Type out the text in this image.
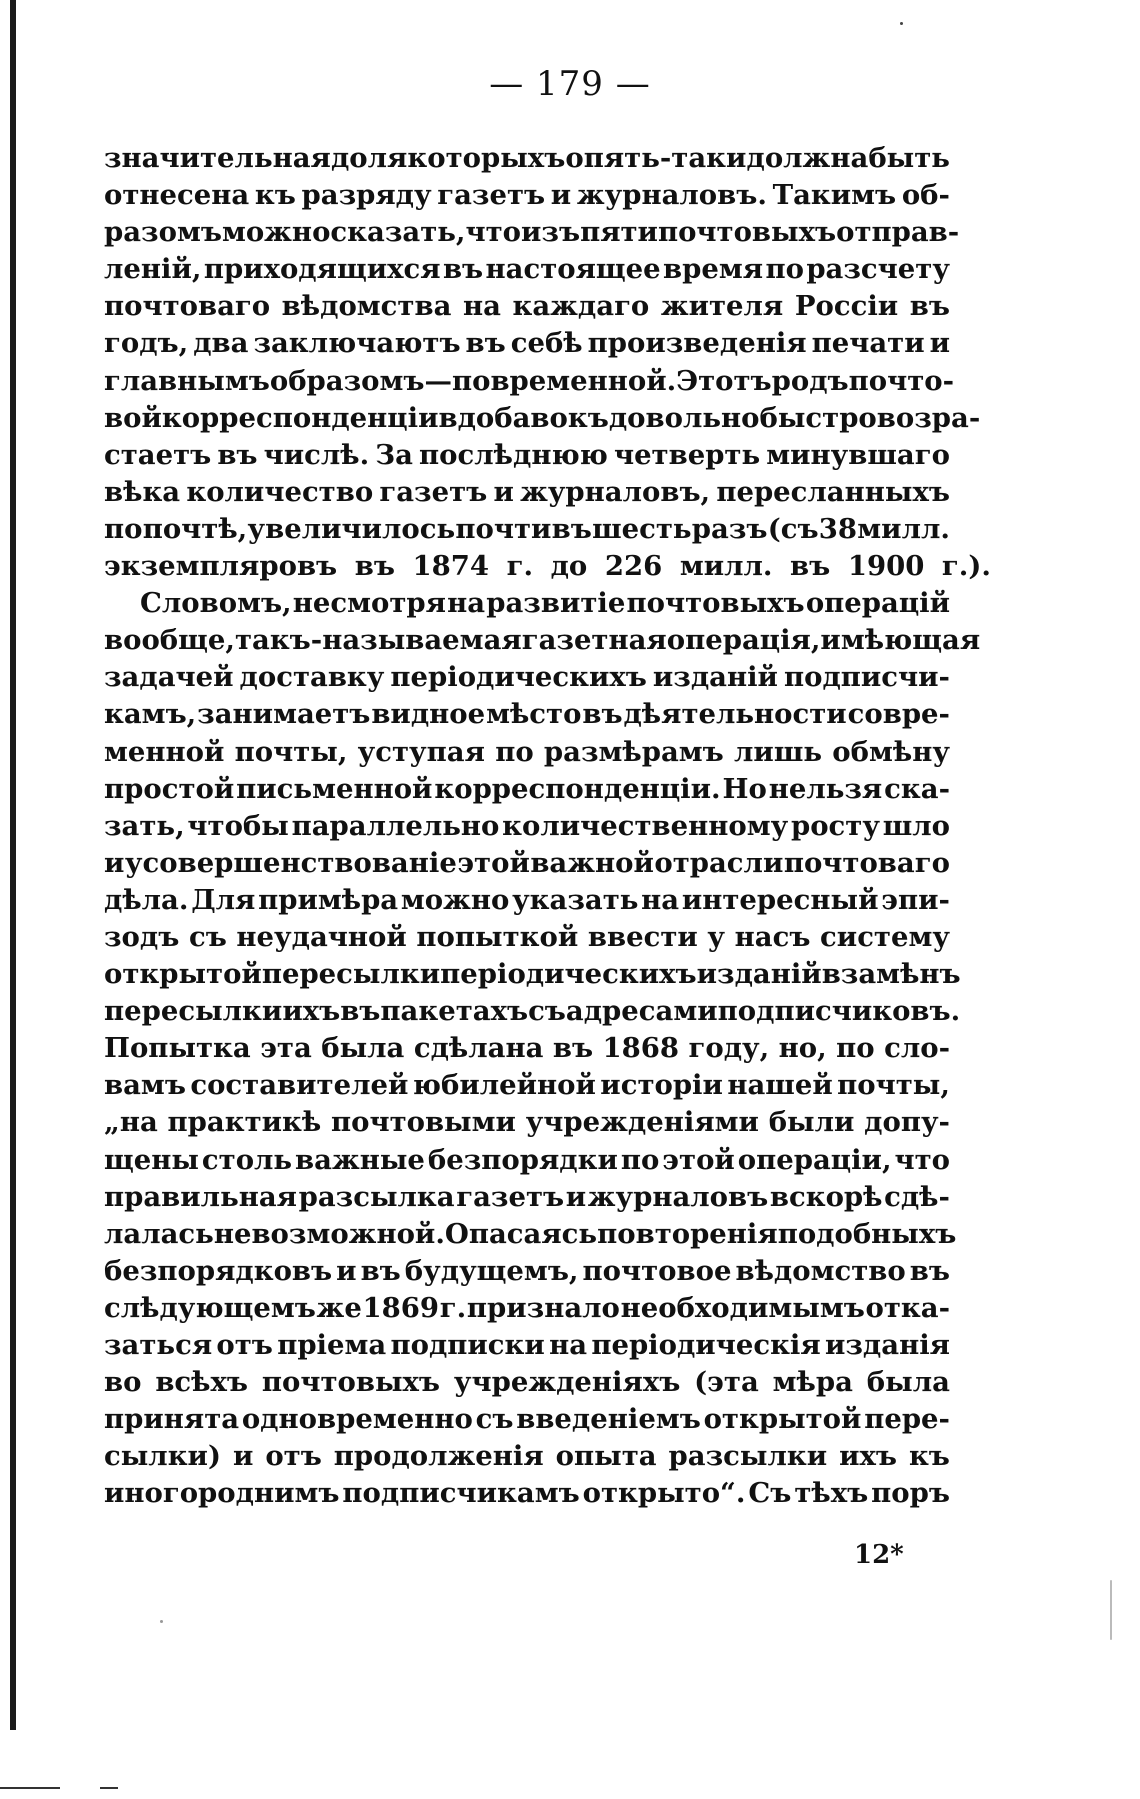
— 179 —
значительная доля которыхъ опять-таки должна быть
отнесена къ разряду газетъ и журналовъ. Такимъ об-
разомъ можно сказать, что изъ пяти почтовыхъ отправ-
леній, приходящихся въ настоящее время по разсчету
почтоваго вѣдомства на каждаго жителя Россіи въ
годъ, два заключаютъ въ себѣ произведенія печати и
главнымъ образомъ — повременной. Этотъ родъ почто-
вой корреспонденціи вдобавокъ довольно быстро возра-
стаетъ въ числѣ. За послѣднюю четверть минувшаго
вѣка количество газетъ и журналовъ, пересланныхъ
по почтѣ, увеличилось почти въ шесть разъ (съ 38 милл.
экземпляровъ въ 1874 г. до 226 милл. въ 1900 г.).
Словомъ, несмотря на развитіе почтовыхъ операцій
вообще, такъ-называемая газетная операція, имѣющая
задачей доставку періодическихъ изданій подписчи-
камъ, занимаетъ видное мѣсто въ дѣятельности совре-
менной почты, уступая по размѣрамъ лишь обмѣну
простой письменной корреспонденціи. Но нельзя ска-
зать, чтобы параллельно количественному росту шло
и усовершенствованіе этой важной отрасли почтоваго
дѣла. Для примѣра можно указать на интересный эпи-
зодъ съ неудачной попыткой ввести у насъ систему
открытой пересылки періодическихъ изданій взамѣнъ
пересылки ихъ въ пакетахъ съ адресами подписчиковъ.
Попытка эта была сдѣлана въ 1868 году, но, по сло-
вамъ составителей юбилейной исторіи нашей почты,
„на практикѣ почтовыми учрежденіями были допу-
щены столь важные безпорядки по этой операціи, что
правильная разсылка газетъ и журналовъ вскорѣ сдѣ-
лалась невозможной. Опасаясь повторенія подобныхъ
безпорядковъ и въ будущемъ, почтовое вѣдомство въ
слѣдующемъ же 1869 г. признало необходимымъ отка-
заться отъ пріема подписки на періодическія изданія
во всѣхъ почтовыхъ учрежденіяхъ (эта мѣра была
принята одновременно съ введеніемъ открытой пере-
сылки) и отъ продолженія опыта разсылки ихъ къ
иногороднимъ подписчикамъ открыто“. Съ тѣхъ поръ
12*
